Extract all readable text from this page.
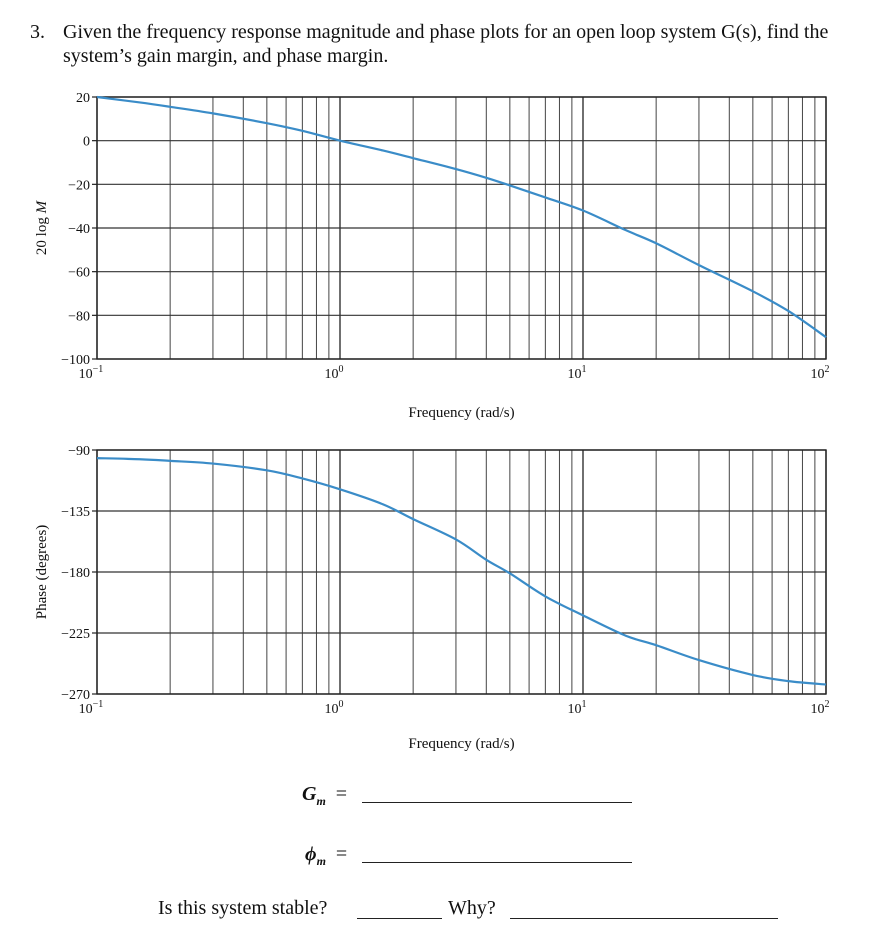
3. Given the frequency response magnitude and phase plots for an open loop system G(s), find the system’s gain margin, and phase margin.
20
0
−20
−40
−60
−80
−100
$10^{-1}$	$10^0$	$10^1$	$10^2$
Frequency (rad/s)
20 log M
−90
−135
−180
−225
−270
$10^{-1}$	$10^0$	$10^1$	$10^2$
Frequency (rad/s)
Phase (degrees)
$G_m$ =
$\phi_m$ =
Is this system stable?	Why?
